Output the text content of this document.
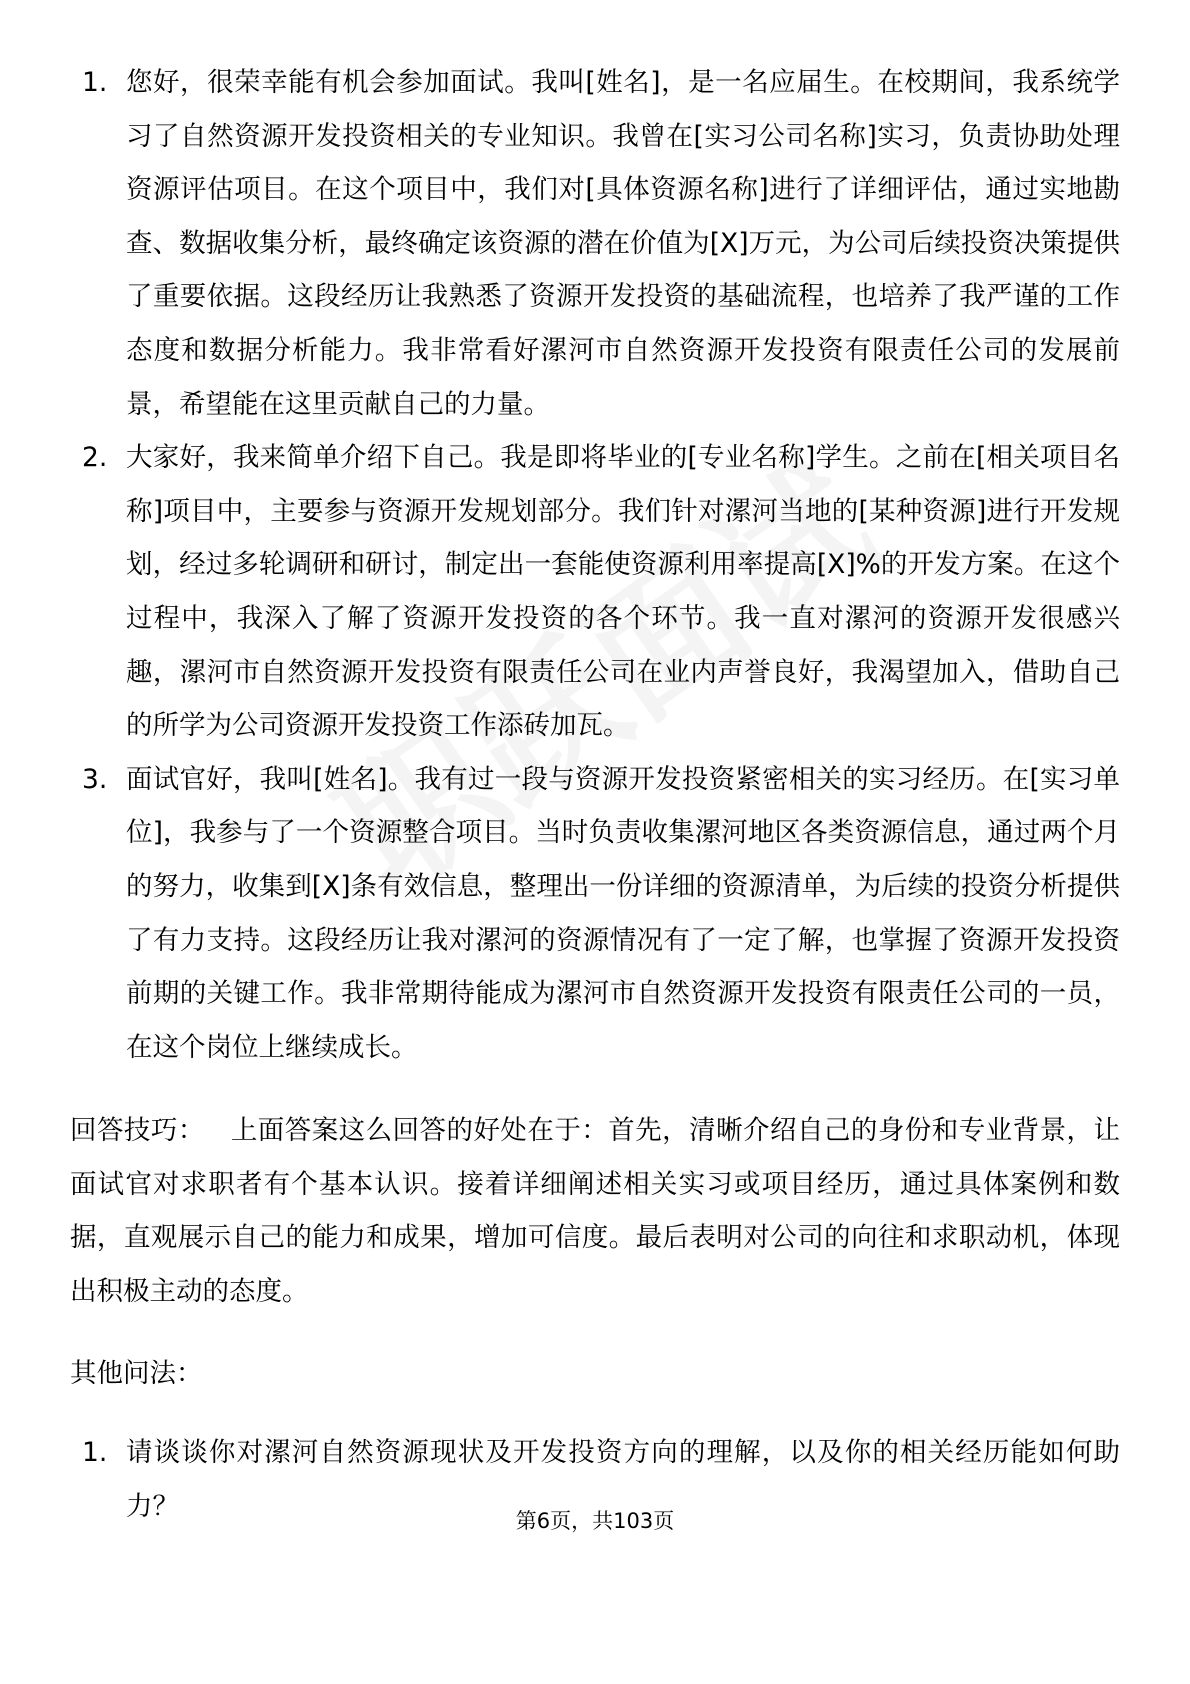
1. 您好，很荣幸能有机会参加面试。我叫[姓名]，是一名应届生。在校期间，我系统学习了自然资源开发投资相关的专业知识。我曾在[实习公司名称]实习，负责协助处理资源评估项目。在这个项目中，我们对[具体资源名称]进行了详细评估，通过实地勘查、数据收集分析，最终确定该资源的潜在价值为[X]万元，为公司后续投资决策提供了重要依据。这段经历让我熟悉了资源开发投资的基础流程，也培养了我严谨的工作态度和数据分析能力。我非常看好漯河市自然资源开发投资有限责任公司的发展前景，希望能在这里贡献自己的力量。
2. 大家好，我来简单介绍下自己。我是即将毕业的[专业名称]学生。之前在[相关项目名称]项目中，主要参与资源开发规划部分。我们针对漯河当地的[某种资源]进行开发规划，经过多轮调研和研讨，制定出一套能使资源利用率提高[X]%的开发方案。在这个过程中，我深入了解了资源开发投资的各个环节。我一直对漯河的资源开发很感兴趣，漯河市自然资源开发投资有限责任公司在业内声誉良好，我渴望加入，借助自己的所学为公司资源开发投资工作添砖加瓦。
3. 面试官好，我叫[姓名]。我有过一段与资源开发投资紧密相关的实习经历。在[实习单位]，我参与了一个资源整合项目。当时负责收集漯河地区各类资源信息，通过两个月的努力，收集到[X]条有效信息，整理出一份详细的资源清单，为后续的投资分析提供了有力支持。这段经历让我对漯河的资源情况有了一定了解，也掌握了资源开发投资前期的关键工作。我非常期待能成为漯河市自然资源开发投资有限责任公司的一员，在这个岗位上继续成长。
回答技巧： 上面答案这么回答的好处在于：首先，清晰介绍自己的身份和专业背景，让面试官对求职者有个基本认识。接着详细阐述相关实习或项目经历，通过具体案例和数据，直观展示自己的能力和成果，增加可信度。最后表明对公司的向往和求职动机，体现出积极主动的态度。
其他问法：
1. 请谈谈你对漯河自然资源现状及开发投资方向的理解，以及你的相关经历能如何助力？	第6页，共103页
